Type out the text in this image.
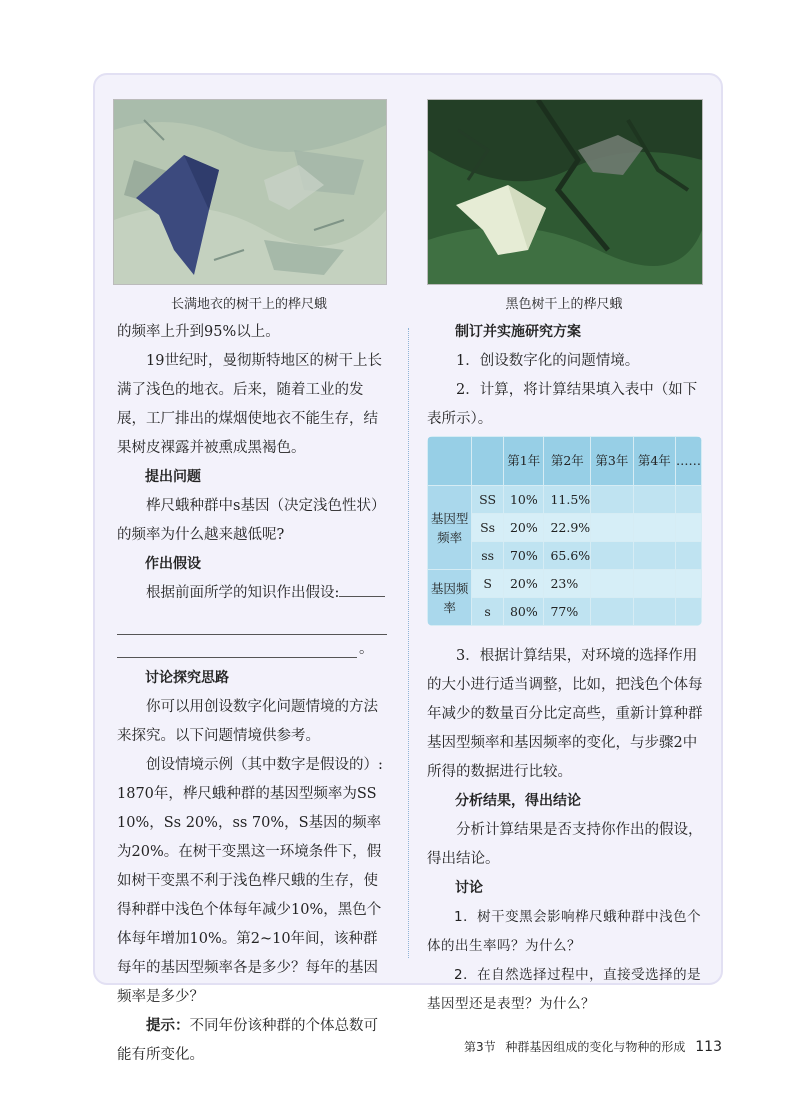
长满地衣的树干上的桦尺蛾	黑色树干上的桦尺蛾

的频率上升到95%以上。

19世纪时，曼彻斯特地区的树干上长满了浅色的地衣。后来，随着工业的发展，工厂排出的煤烟使地衣不能生存，结果树皮裸露并被熏成黑褐色。

提出问题

桦尺蛾种群中s基因（决定浅色性状）的频率为什么越来越低呢?

作出假设

根据前面所学的知识作出假设:

。

讨论探究思路

你可以用创设数字化问题情境的方法来探究。以下问题情境供参考。

创设情境示例（其中数字是假设的）: 1870年，桦尺蛾种群的基因型频率为SS 10%，Ss 20%，ss 70%，S基因的频率为20%。在树干变黑这一环境条件下，假如树干变黑不利于浅色桦尺蛾的生存，使得种群中浅色个体每年减少10%，黑色个体每年增加10%。第2~10年间，该种群每年的基因型频率各是多少？每年的基因频率是多少？

提示：不同年份该种群的个体总数可能有所变化。

制订并实施研究方案

1．创设数字化的问题情境。

2．计算，将计算结果填入表中（如下表所示）。

		第1年	第2年	第3年	第4年	……
基因型频率	SS	10%	11.5%			
	Ss	20%	22.9%			
	ss	70%	65.6%			
基因频率	S	20%	23%			
	s	80%	77%			

3．根据计算结果，对环境的选择作用的大小进行适当调整，比如，把浅色个体每年减少的数量百分比定高些，重新计算种群基因型频率和基因频率的变化，与步骤2中所得的数据进行比较。

分析结果，得出结论

分析计算结果是否支持你作出的假设，得出结论。

讨论

1．树干变黑会影响桦尺蛾种群中浅色个体的出生率吗？为什么？

2．在自然选择过程中，直接受选择的是基因型还是表型？为什么？

第3节 种群基因组成的变化与物种的形成 113
